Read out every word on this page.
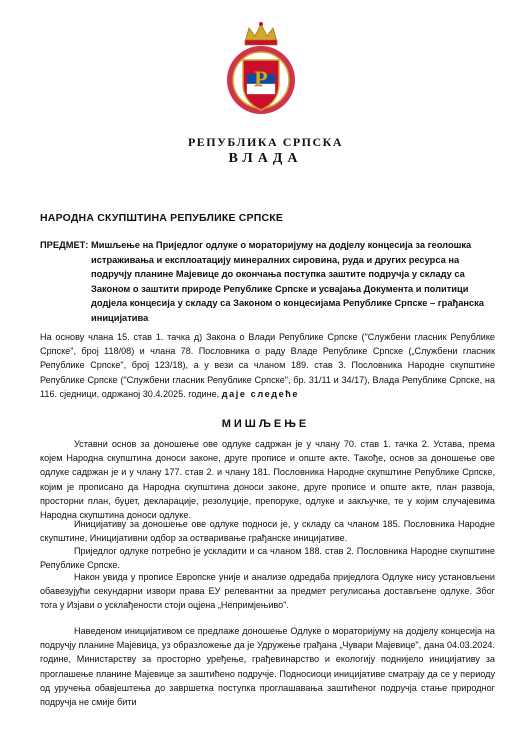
Р
РЕПУБЛИКА СРПСКА
ВЛАДА
НАРОДНА СКУПШТИНА РЕПУБЛИКЕ СРПСКЕ
ПРЕДМЕТ: Мишљење на Приједлог одлуке о мораторијуму на додјелу концесија за геолошка истраживања и експлоатацију минералних сировина, руда и других ресурса на подручју планине Мајевице до окончања поступка заштите подручја у складу са Законом о заштити природе Републике Српске и усвајања Документа и политици додјела концесија у складу са Законом о концесијама Републике Српске – грађанска иницијатива
На основу члана 15. став 1. тачка д) Закона о Влади Републике Српске ("Службени гласник Републике Српске", број 118/08) и члана 78. Пословника о раду Владе Републике Српске („Службени гласник Републике Српске", број 123/18), а у вези са чланом 189. став 3. Пословника Народне скупштине Републике Српске ("Службени гласник Републике Српске", бр. 31/11 и 34/17), Влада Републике Српске, на 116. сједници, одржаној 30.4.2025. године, даје следеће
МИШЉЕЊЕ
Уставни основ за доношење ове одлуке садржан је у члану 70. став 1. тачка 2. Устава, према којем Народна скупштина доноси законе, друге прописе и опште акте. Такође, основ за доношење ове одлуке садржан је и у члану 177. став 2. и члану 181. Пословника Народне скупштине Републике Српске, којим је прописано да Народна скупштина доноси законе, друге прописе и опште акте, план развоја, просторни план, буџет, декларације, резолуције, препоруке, одлуке и закључке, те у којим случајевима Народна скупштина доноси одлуке.
Иницијативу за доношење ове одлуке подноси је, у складу са чланом 185. Пословника Народне скупштине, Иницијативни одбор за остваривање грађанске иницијативе.
Приједлог одлуке потребно је ускладити и са чланом 188. став 2. Пословника Народне скупштине Републике Српске.
Након увида у прописе Европске уније и анализе одредаба приједлога Одлуке нису установљени обавезујући секундарни извори права ЕУ релевантни за предмет регулисања достављене одлуке. Због тога у Изјави о усклађености стоји оцјена „Непримјењиво".
Наведеном иницијативом се предлаже доношење Одлуке о мораторијуму на додјелу концесија на подручју планине Мајевица, уз образложење да је Удружење грађана „Чувари Мајевице", дана 04.03.2024. године, Министарству за просторно уређење, грађевинарство и екологију поднијело иницијативу за проглашење планине Мајевице за заштићено подручје. Подносиоци иницијативе сматрају да се у периоду од уручења обавјештења до завршетка поступка проглашавања заштићеног подручја стање природног подручја не смије бити
